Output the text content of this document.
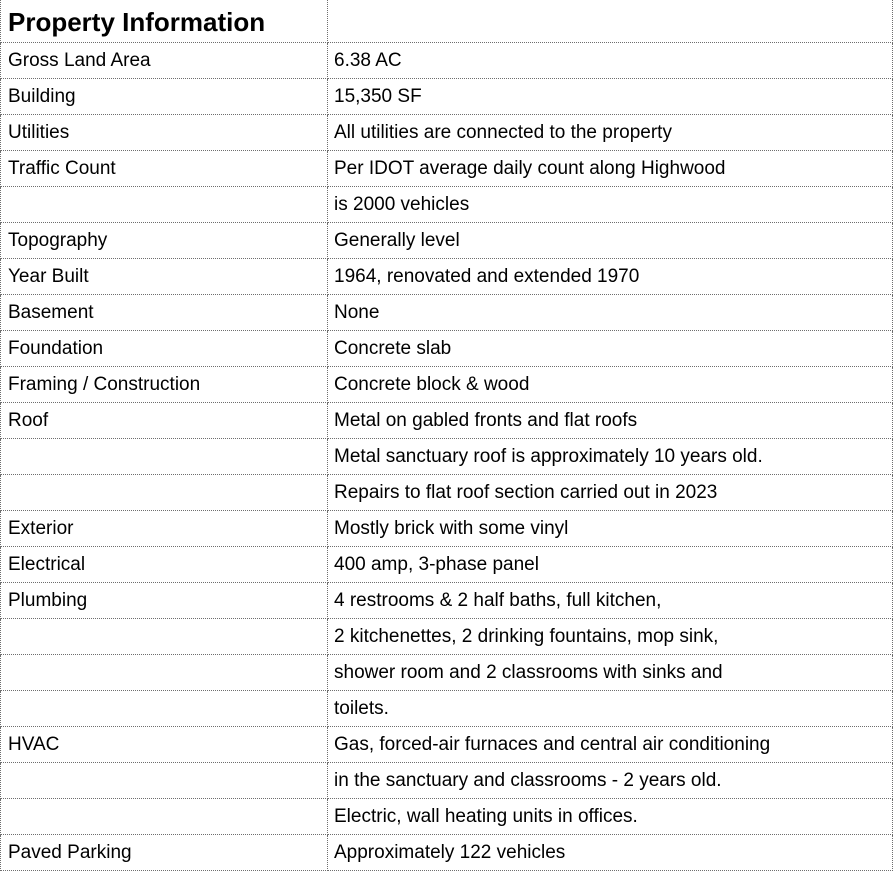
Property Information	
Gross Land Area	6.38 AC
Building	15,350 SF
Utilities	All utilities are connected to the property
Traffic Count	Per IDOT average daily count along Highwood
	is 2000 vehicles
Topography	Generally level
Year Built	1964, renovated and extended 1970
Basement	None
Foundation	Concrete slab
Framing / Construction	Concrete block & wood
Roof	Metal on gabled fronts and flat roofs
	Metal sanctuary roof is approximately 10 years old.
	Repairs to flat roof section carried out in 2023
Exterior	Mostly brick with some vinyl
Electrical	400 amp, 3-phase panel
Plumbing	4 restrooms & 2 half baths, full kitchen,
	2 kitchenettes, 2 drinking fountains, mop sink,
	shower room and 2 classrooms with sinks and
	toilets.
HVAC	Gas, forced-air furnaces and central air conditioning
	in the sanctuary and classrooms - 2 years old.
	Electric, wall heating units in offices.
Paved Parking	Approximately 122 vehicles
